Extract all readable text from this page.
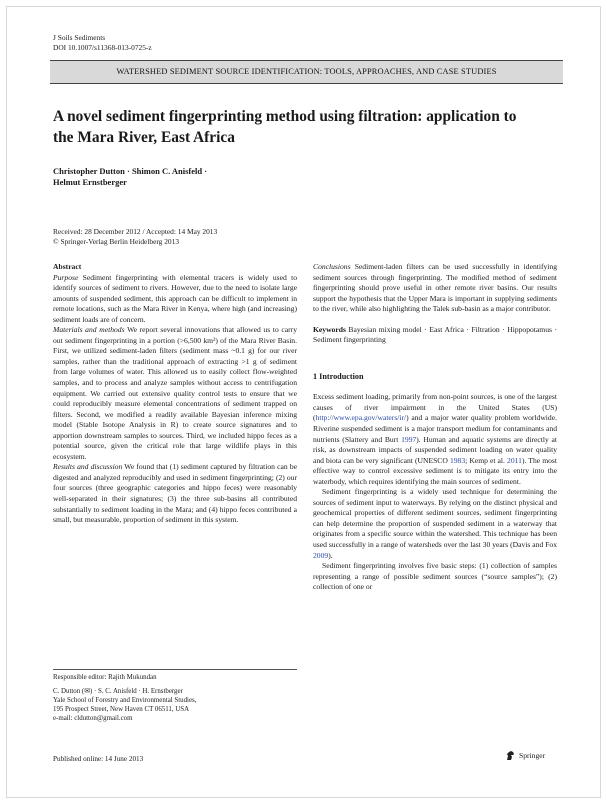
J Soils Sediments
DOI 10.1007/s11368-013-0725-z
WATERSHED SEDIMENT SOURCE IDENTIFICATION: TOOLS, APPROACHES, AND CASE STUDIES
A novel sediment fingerprinting method using filtration: application to the Mara River, East Africa
Christopher Dutton · Shimon C. Anisfeld ·
Helmut Ernstberger
Received: 28 December 2012 / Accepted: 14 May 2013
© Springer-Verlag Berlin Heidelberg 2013

Abstract

Purpose Sediment fingerprinting with elemental tracers is widely used to identify sources of sediment to rivers. However, due to the need to isolate large amounts of suspended sediment, this approach can be difficult to implement in remote locations, such as the Mara River in Kenya, where high (and increasing) sediment loads are of concern.

Materials and methods We report several innovations that allowed us to carry out sediment fingerprinting in a portion (>6,500 km²) of the Mara River Basin. First, we utilized sediment-laden filters (sediment mass ~0.1 g) for our river samples, rather than the traditional approach of extracting >1 g of sediment from large volumes of water. This allowed us to easily collect flow-weighted samples, and to process and analyze samples without access to centrifugation equipment. We carried out extensive quality control tests to ensure that we could reproducibly measure elemental concentrations of sediment trapped on filters. Second, we modified a readily available Bayesian inference mixing model (Stable Isotope Analysis in R) to create source signatures and to apportion downstream samples to sources. Third, we included hippo feces as a potential source, given the critical role that large wildlife plays in this ecosystem.

Results and discussion We found that (1) sediment captured by filtration can be digested and analyzed reproducibly and used in sediment fingerprinting; (2) our four sources (three geographic categories and hippo feces) were reasonably well-separated in their signatures; (3) the three sub-basins all contributed substantially to sediment loading in the Mara; and (4) hippo feces contributed a small, but measurable, proportion of sediment in this system.

Responsible editor: Rajith Mukundan
C. Dutton (✉) · S. C. Anisfeld · H. Ernstberger
Yale School of Forestry and Environmental Studies,
195 Prospect Street, New Haven CT 06511, USA
e-mail: cldutton@gmail.com

Conclusions Sediment-laden filters can be used successfully in identifying sediment sources through fingerprinting. The modified method of sediment fingerprinting should prove useful in other remote river basins. Our results support the hypothesis that the Upper Mara is important in supplying sediments to the river, while also highlighting the Talek sub-basin as a major contributor.

Keywords Bayesian mixing model · East Africa · Filtration · Hippopotamus · Sediment fingerprinting

1 Introduction

Excess sediment loading, primarily from non-point sources, is one of the largest causes of river impairment in the United States (US) (http://www.epa.gov/waters/ir/) and a major water quality problem worldwide. Riverine suspended sediment is a major transport medium for contaminants and nutrients (Slattery and Burt 1997). Human and aquatic systems are directly at risk, as downstream impacts of suspended sediment loading on water quality and biota can be very significant (UNESCO 1983; Kemp et al. 2011). The most effective way to control excessive sediment is to mitigate its entry into the waterbody, which requires identifying the main sources of sediment.

Sediment fingerprinting is a widely used technique for determining the sources of sediment input to waterways. By relying on the distinct physical and geochemical properties of different sediment sources, sediment fingerprinting can help determine the proportion of suspended sediment in a waterway that originates from a specific source within the watershed. This technique has been used successfully in a range of watersheds over the last 30 years (Davis and Fox 2009).

Sediment fingerprinting involves five basic steps: (1) collection of samples representing a range of possible sediment sources (“source samples”); (2) collection of one or

Published online: 14 June 2013	Springer
